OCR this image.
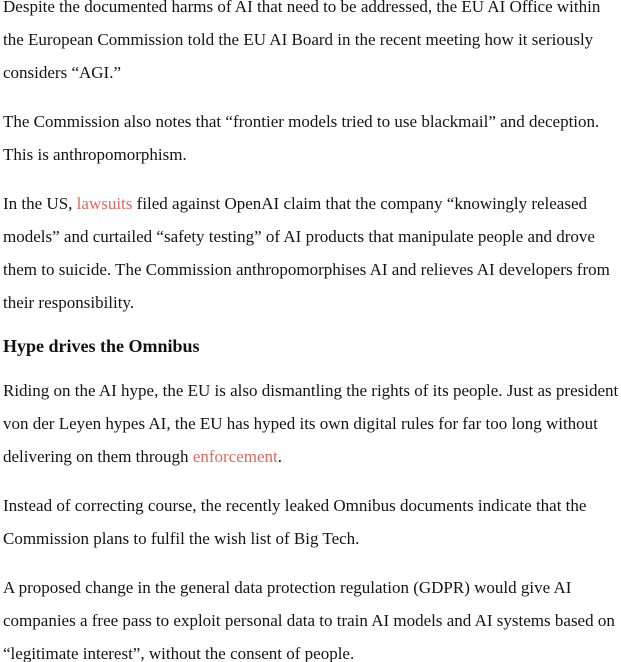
Despite the documented harms of AI that need to be addressed, the EU AI Office within the European Commission told the EU AI Board in the recent meeting how it seriously considers “AGI.”

The Commission also notes that “frontier models tried to use blackmail” and deception. This is anthropomorphism.

In the US, lawsuits filed against OpenAI claim that the company “knowingly released models” and curtailed “safety testing” of AI products that manipulate people and drove them to suicide. The Commission anthropomorphises AI and relieves AI developers from their responsibility.

Hype drives the Omnibus

Riding on the AI hype, the EU is also dismantling the rights of its people. Just as president von der Leyen hypes AI, the EU has hyped its own digital rules for far too long without delivering on them through enforcement.

Instead of correcting course, the recently leaked Omnibus documents indicate that the Commission plans to fulfil the wish list of Big Tech.

A proposed change in the general data protection regulation (GDPR) would give AI companies a free pass to exploit personal data to train AI models and AI systems based on “legitimate interest”, without the consent of people.
